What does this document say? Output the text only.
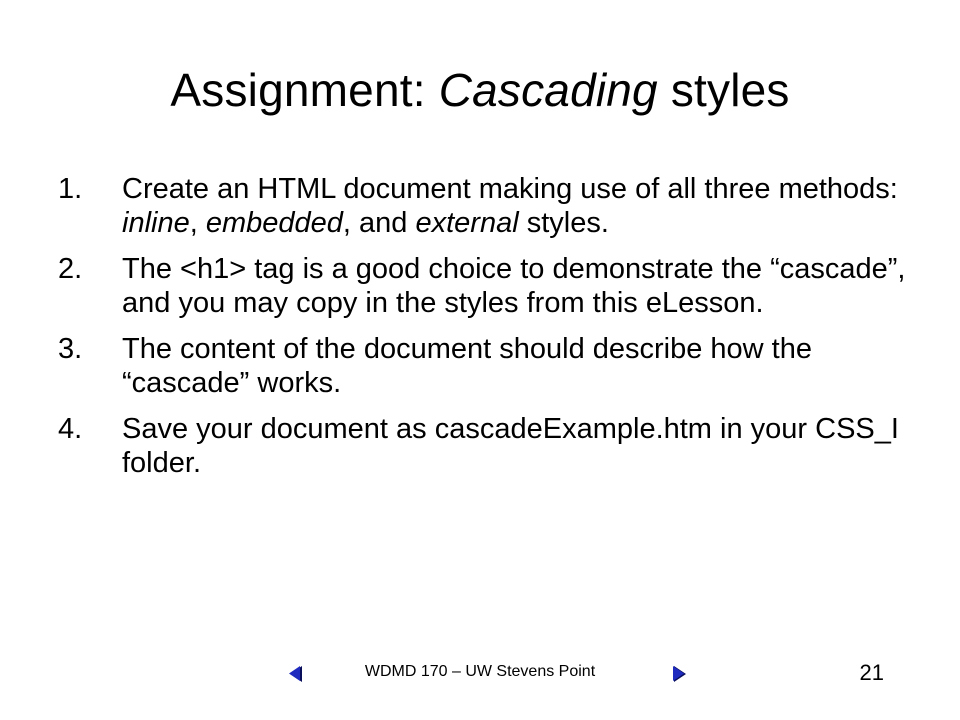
Assignment: Cascading styles
1. Create an HTML document making use of all three methods: inline, embedded, and external styles.
2. The <h1> tag is a good choice to demonstrate the “cascade”, and you may copy in the styles from this eLesson.
3. The content of the document should describe how the “cascade” works.
4. Save your document as cascadeExample.htm in your CSS_I folder.
WDMD 170 – UW Stevens Point	21
